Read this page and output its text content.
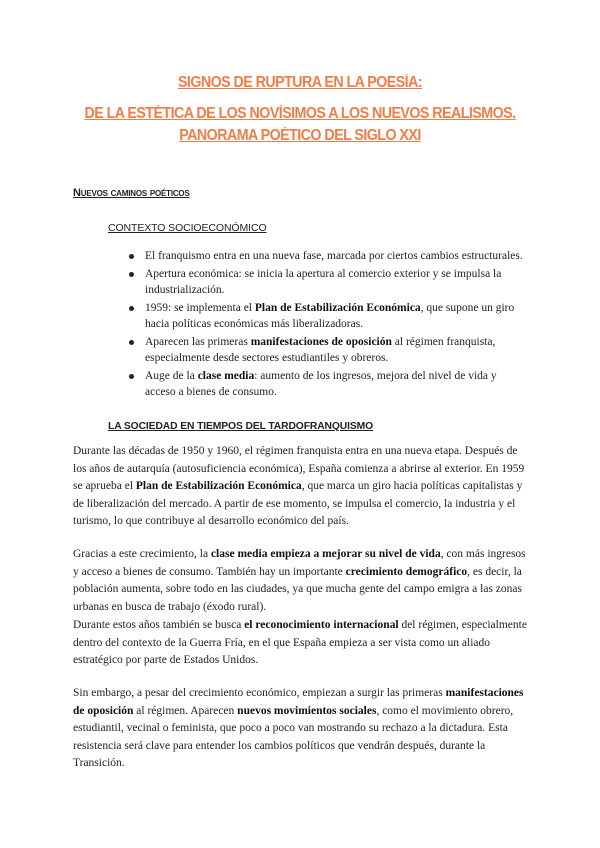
SIGNOS DE RUPTURA EN LA POESÍA:
DE LA ESTÉTICA DE LOS NOVÍSIMOS A LOS NUEVOS REALISMOS.
PANORAMA POÉTICO DEL SIGLO XXI
Nuevos caminos poéticos
CONTEXTO SOCIOECONÓMICO
El franquismo entra en una nueva fase, marcada por ciertos cambios estructurales.
Apertura económica: se inicia la apertura al comercio exterior y se impulsa la industrialización.
1959: se implementa el Plan de Estabilización Económica, que supone un giro hacia políticas económicas más liberalizadoras.
Aparecen las primeras manifestaciones de oposición al régimen franquista, especialmente desde sectores estudiantiles y obreros.
Auge de la clase media: aumento de los ingresos, mejora del nivel de vida y acceso a bienes de consumo.
LA SOCIEDAD EN TIEMPOS DEL TARDOFRANQUISMO

Durante las décadas de 1950 y 1960, el régimen franquista entra en una nueva etapa. Después de los años de autarquía (autosuficiencia económica), España comienza a abrirse al exterior. En 1959 se aprueba el Plan de Estabilización Económica, que marca un giro hacia políticas capitalistas y de liberalización del mercado. A partir de ese momento, se impulsa el comercio, la industria y el turismo, lo que contribuye al desarrollo económico del país.

Gracias a este crecimiento, la clase media empieza a mejorar su nivel de vida, con más ingresos y acceso a bienes de consumo. También hay un importante crecimiento demográfico, es decir, la población aumenta, sobre todo en las ciudades, ya que mucha gente del campo emigra a las zonas urbanas en busca de trabajo (éxodo rural).

Durante estos años también se busca el reconocimiento internacional del régimen, especialmente dentro del contexto de la Guerra Fría, en el que España empieza a ser vista como un aliado estratégico por parte de Estados Unidos.

Sin embargo, a pesar del crecimiento económico, empiezan a surgir las primeras manifestaciones de oposición al régimen. Aparecen nuevos movimientos sociales, como el movimiento obrero, estudiantil, vecinal o feminista, que poco a poco van mostrando su rechazo a la dictadura. Esta resistencia será clave para entender los cambios políticos que vendrán después, durante la Transición.
